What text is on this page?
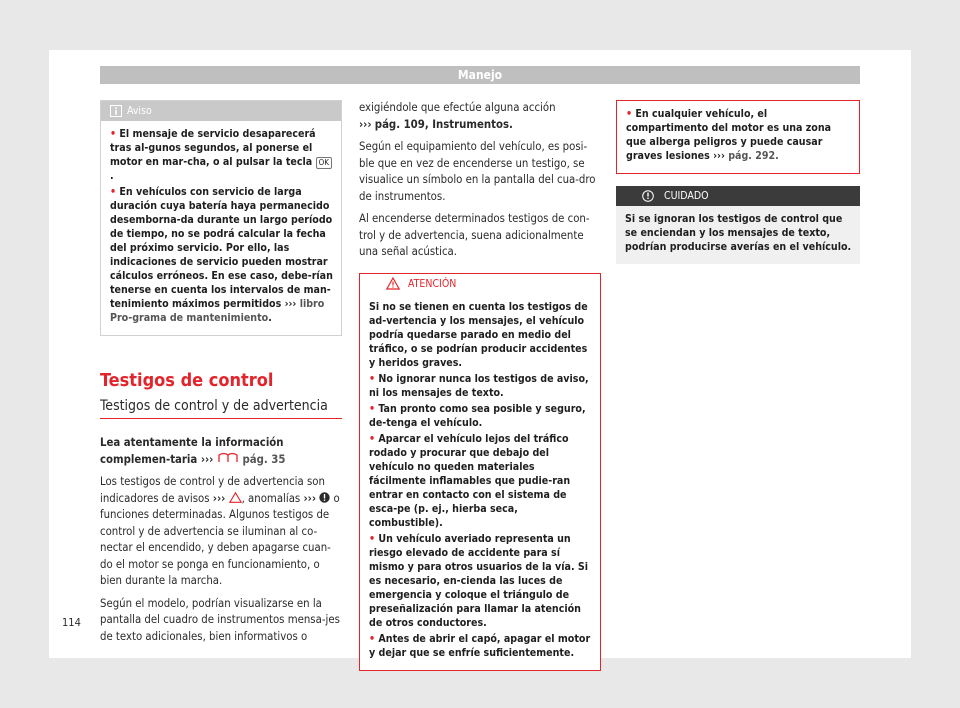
Manejo
Aviso

• El mensaje de servicio desaparecerá tras al-gunos segundos, al ponerse el motor en mar-cha, o al pulsar la tecla OK.

• En vehículos con servicio de larga duración cuya batería haya permanecido desemborna-da durante un largo período de tiempo, no se podrá calcular la fecha del próximo servicio. Por ello, las indicaciones de servicio pueden mostrar cálculos erróneos. En ese caso, debe-rían tenerse en cuenta los intervalos de man-tenimiento máximos permitidos ››› libro Pro-grama de mantenimiento.

Testigos de control
Testigos de control y de advertencia

Lea atentamente la información complemen-taria ›››	pág. 35

Los testigos de control y de advertencia son indicadores de avisos ››› , anomalías ›››  o funciones determinadas. Algunos testigos de control y de advertencia se iluminan al co-nectar el encendido, y deben apagarse cuan-do el motor se ponga en funcionamiento, o bien durante la marcha.

Según el modelo, podrían visualizarse en la pantalla del cuadro de instrumentos mensa-jes de texto adicionales, bien informativos o

exigiéndole que efectúe alguna acción
››› pág. 109, Instrumentos.

Según el equipamiento del vehículo, es posi-ble que en vez de encenderse un testigo, se visualice un símbolo en la pantalla del cua-dro de instrumentos.

Al encenderse determinados testigos de con-trol y de advertencia, suena adicionalmente una señal acústica.

ATENCIÓN

Si no se tienen en cuenta los testigos de ad-vertencia y los mensajes, el vehículo podría quedarse parado en medio del tráfico, o se podrían producir accidentes y heridos graves.

• No ignorar nunca los testigos de aviso, ni los mensajes de texto.

• Tan pronto como sea posible y seguro, de-tenga el vehículo.

• Aparcar el vehículo lejos del tráfico rodado y procurar que debajo del vehículo no queden materiales fácilmente inflamables que pudie-ran entrar en contacto con el sistema de esca-pe (p. ej., hierba seca, combustible).

• Un vehículo averiado representa un riesgo elevado de accidente para sí mismo y para otros usuarios de la vía. Si es necesario, en-cienda las luces de emergencia y coloque el triángulo de preseñalización para llamar la atención de otros conductores.

• Antes de abrir el capó, apagar el motor y dejar que se enfríe suficientemente.

• En cualquier vehículo, el compartimento del motor es una zona que alberga peligros y puede causar graves lesiones ››› pág. 292.

CUIDADO

Si se ignoran los testigos de control que se enciendan y los mensajes de texto, podrían producirse averías en el vehículo.

114
